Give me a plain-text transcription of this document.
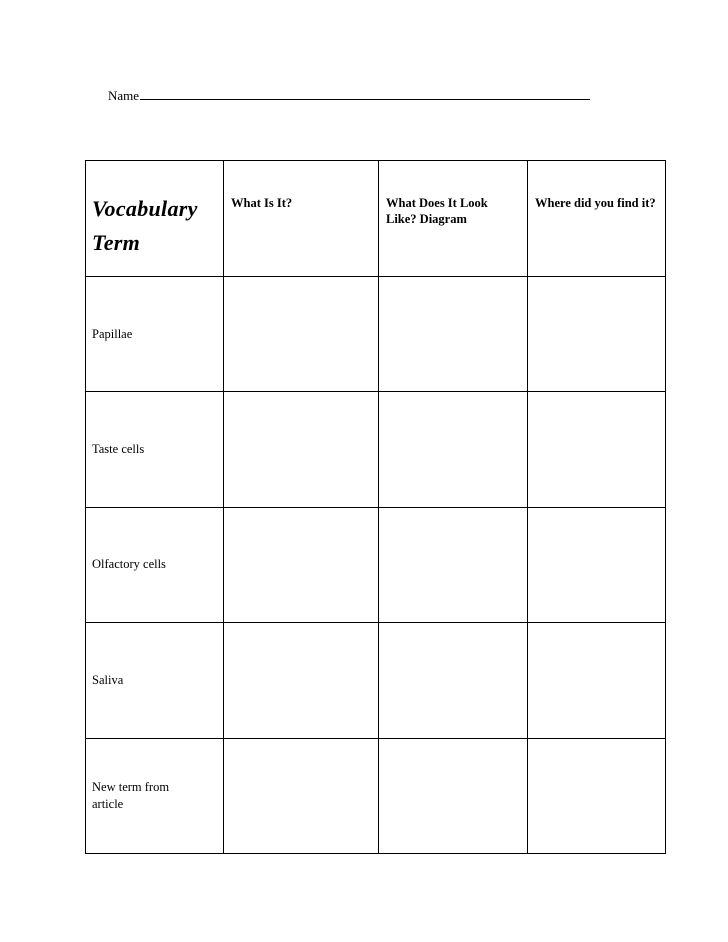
Name
Vocabulary Term	What Is It?	What Does It Look Like? Diagram	Where did you find it?

Papillae			

Taste cells			

Olfactory cells			

Saliva			

New term from article			
